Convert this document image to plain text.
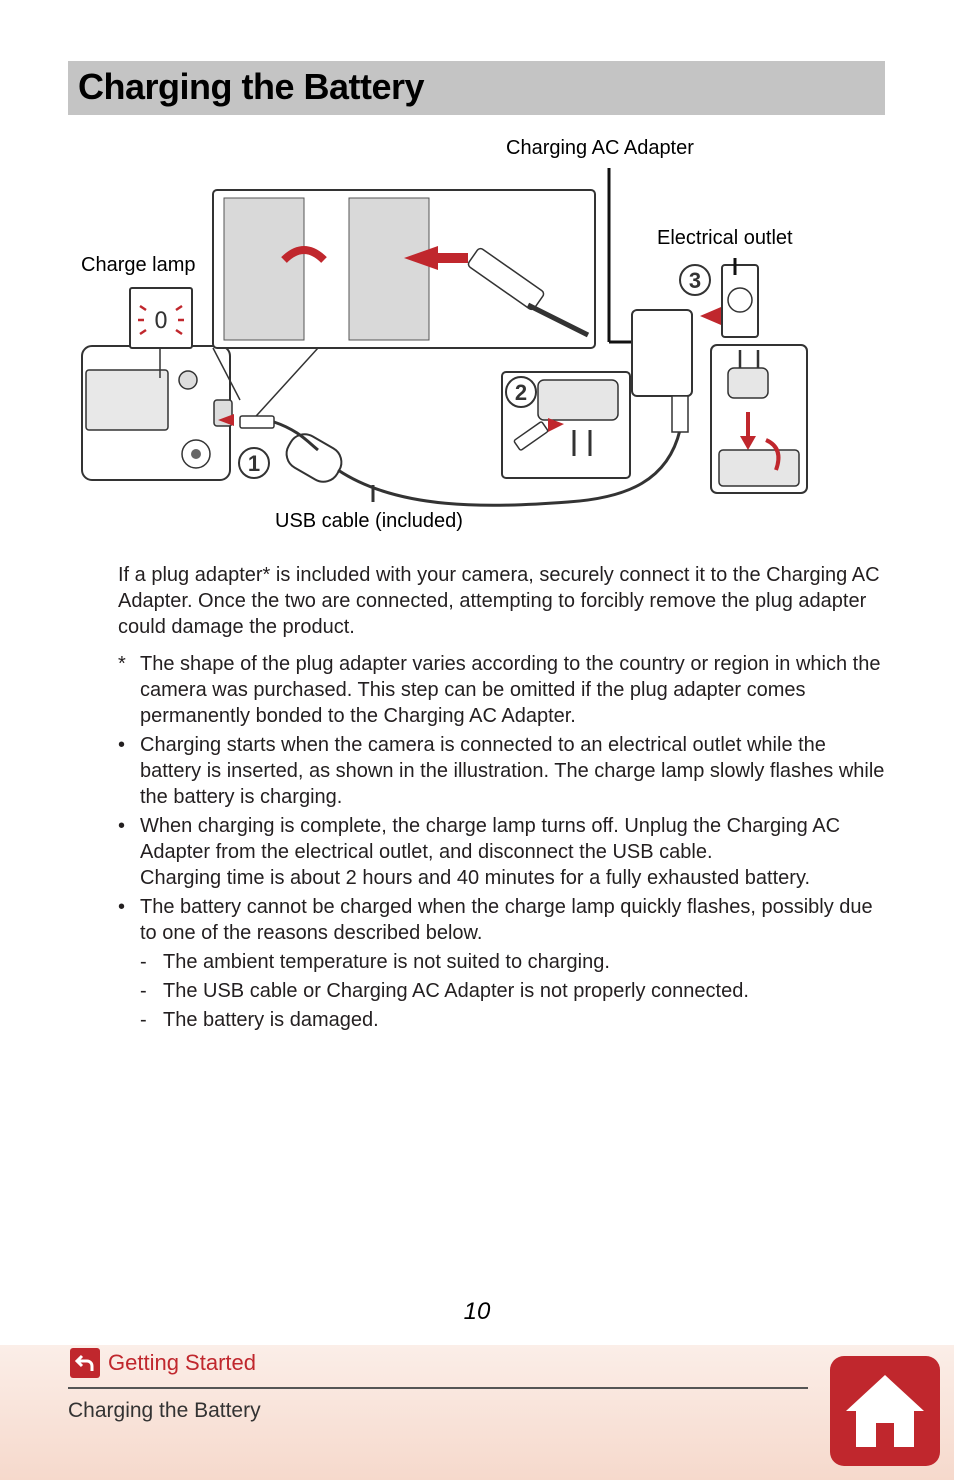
Charging the Battery
0
1
2
3
Charging AC Adapter
Electrical outlet
Charge lamp
USB cable (included)

If a plug adapter* is included with your camera, securely connect it to the Charging AC Adapter. Once the two are connected, attempting to forcibly remove the plug adapter could damage the product.

* The shape of the plug adapter varies according to the country or region in which the camera was purchased. This step can be omitted if the plug adapter comes permanently bonded to the Charging AC Adapter.
• Charging starts when the camera is connected to an electrical outlet while the battery is inserted, as shown in the illustration. The charge lamp slowly flashes while the battery is charging.
• When charging is complete, the charge lamp turns off. Unplug the Charging AC Adapter from the electrical outlet, and disconnect the USB cable.
Charging time is about 2 hours and 40 minutes for a fully exhausted battery.
• The battery cannot be charged when the charge lamp quickly flashes, possibly due to one of the reasons described below.
- The ambient temperature is not suited to charging.
- The USB cable or Charging AC Adapter is not properly connected.
- The battery is damaged.
10
Getting Started
Charging the Battery
